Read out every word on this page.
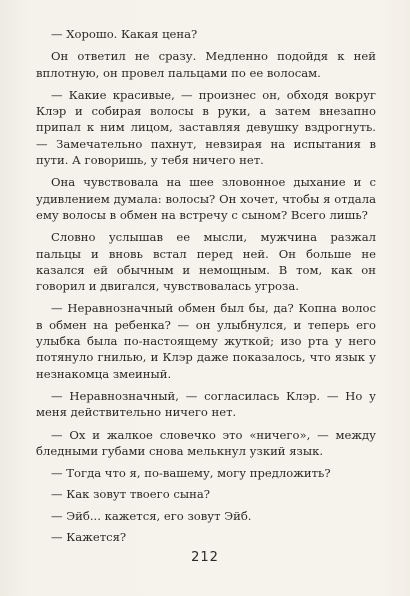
— Хорошо. Какая цена?

Он ответил не сразу. Медленно подойдя к ней вплотную, он провел пальцами по ее волосам.

— Какие красивые, — произнес он, обходя вокруг Клэр и собирая волосы в руки, а затем внезапно припал к ним лицом, заставляя девушку вздрогнуть. — Замечательно пахнут, невзирая на испытания в пути. А говоришь, у тебя ничего нет.

Она чувствовала на шее зловонное дыхание и с удивлением думала: волосы? Он хочет, чтобы я отдала ему волосы в обмен на встречу с сыном? Всего лишь?

Словно услышав ее мысли, мужчина разжал пальцы и вновь встал перед ней. Он больше не казался ей обычным и немощным. В том, как он говорил и двигался, чувствовалась угроза.

— Неравнозначный обмен был бы, да? Копна волос в обмен на ребенка? — он улыбнулся, и теперь его улыбка была по-настоящему жуткой; изо рта у него потянуло гнилью, и Клэр даже показалось, что язык у незнакомца змеиный.

— Неравнозначный, — согласилась Клэр. — Но у меня действительно ничего нет.

— Ох и жалкое словечко это «ничего», — между бледными губами снова мелькнул узкий язык.

— Тогда что я, по-вашему, могу предложить?

— Как зовут твоего сына?

— Эйб... кажется, его зовут Эйб.

— Кажется?

212
